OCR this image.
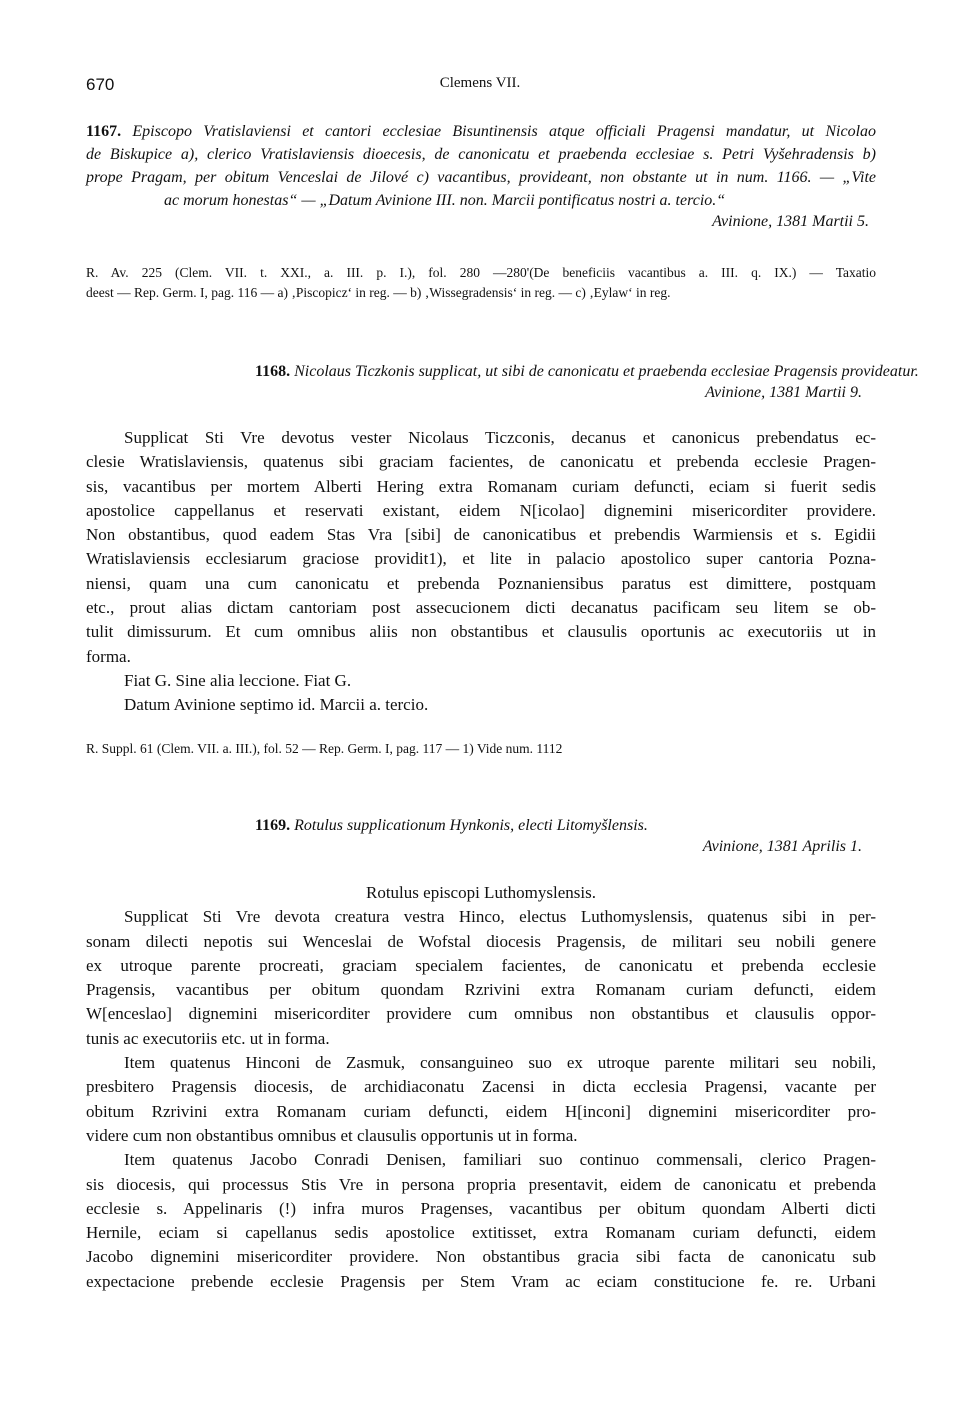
670	Clemens VII.
1167. Episcopo Vratislaviensi et cantori ecclesiae Bisuntinensis atque officiali Pragensi mandatur, ut Nicolao
de Biskupice a), clerico Vratislaviensis dioecesis, de canonicatu et praebenda ecclesiae s. Petri Vyšehradensis b)
prope Pragam, per obitum Venceslai de Jilové c) vacantibus, provideant, non obstante ut in num. 1166. — „Vite
ac morum honestas“ — „Datum Avinione III. non. Marcii pontificatus nostri a. tercio.“
Avinione, 1381 Martii 5.
R. Av. 225 (Clem. VII. t. XXI., a. III. p. I.), fol. 280 —280'(De beneficiis vacantibus a. III. q. IX.) — Taxatio
deest — Rep. Germ. I, pag. 116 — a) ‚Piscopicz‘ in reg. — b) ‚Wissegradensis‘ in reg. — c) ‚Eylaw‘ in reg.
1168. Nicolaus Ticzkonis supplicat, ut sibi de canonicatu et praebenda ecclesiae Pragensis provideatur.
Avinione, 1381 Martii 9.
Supplicat Sti Vre devotus vester Nicolaus Ticzconis, decanus et canonicus prebendatus ec-
clesie Wratislaviensis, quatenus sibi graciam facientes, de canonicatu et prebenda ecclesie Pragen-
sis, vacantibus per mortem Alberti Hering extra Romanam curiam defuncti, eciam si fuerit sedis
apostolice cappellanus et reservati existant, eidem N[icolao] dignemini misericorditer providere.
Non obstantibus, quod eadem Stas Vra [sibi] de canonicatibus et prebendis Warmiensis et s. Egidii
Wratislaviensis ecclesiarum graciose providit1), et lite in palacio apostolico super cantoria Pozna-
niensi, quam una cum canonicatu et prebenda Poznaniensibus paratus est dimittere, postquam
etc., prout alias dictam cantoriam post assecucionem dicti decanatus pacificam seu litem se ob-
tulit dimissurum. Et cum omnibus aliis non obstantibus et clausulis oportunis ac executoriis ut in
forma.
Fiat G. Sine alia leccione. Fiat G.
Datum Avinione septimo id. Marcii a. tercio.
R. Suppl. 61 (Clem. VII. a. III.), fol. 52 — Rep. Germ. I, pag. 117 — 1) Vide num. 1112
1169. Rotulus supplicationum Hynkonis, electi Litomyšlensis.
Avinione, 1381 Aprilis 1.
Rotulus episcopi Luthomyslensis.
Supplicat Sti Vre devota creatura vestra Hinco, electus Luthomyslensis, quatenus sibi in per-
sonam dilecti nepotis sui Wenceslai de Wofstal diocesis Pragensis, de militari seu nobili genere
ex utroque parente procreati, graciam specialem facientes, de canonicatu et prebenda ecclesie
Pragensis, vacantibus per obitum quondam Rzrivini extra Romanam curiam defuncti, eidem
W[enceslao] dignemini misericorditer providere cum omnibus non obstantibus et clausulis oppor-
tunis ac executoriis etc. ut in forma.
Item quatenus Hinconi de Zasmuk, consanguineo suo ex utroque parente militari seu nobili,
presbitero Pragensis diocesis, de archidiaconatu Zacensi in dicta ecclesia Pragensi, vacante per
obitum Rzrivini extra Romanam curiam defuncti, eidem H[inconi] dignemini misericorditer pro-
videre cum non obstantibus omnibus et clausulis opportunis ut in forma.
Item quatenus Jacobo Conradi Denisen, familiari suo continuo commensali, clerico Pragen-
sis diocesis, qui processus Stis Vre in persona propria presentavit, eidem de canonicatu et prebenda
ecclesie s. Appelinaris (!) infra muros Pragenses, vacantibus per obitum quondam Alberti dicti
Hernile, eciam si capellanus sedis apostolice extitisset, extra Romanam curiam defuncti, eidem
Jacobo dignemini misericorditer providere. Non obstantibus gracia sibi facta de canonicatu sub
expectacione prebende ecclesie Pragensis per Stem Vram ac eciam constitucione fe. re. Urbani
